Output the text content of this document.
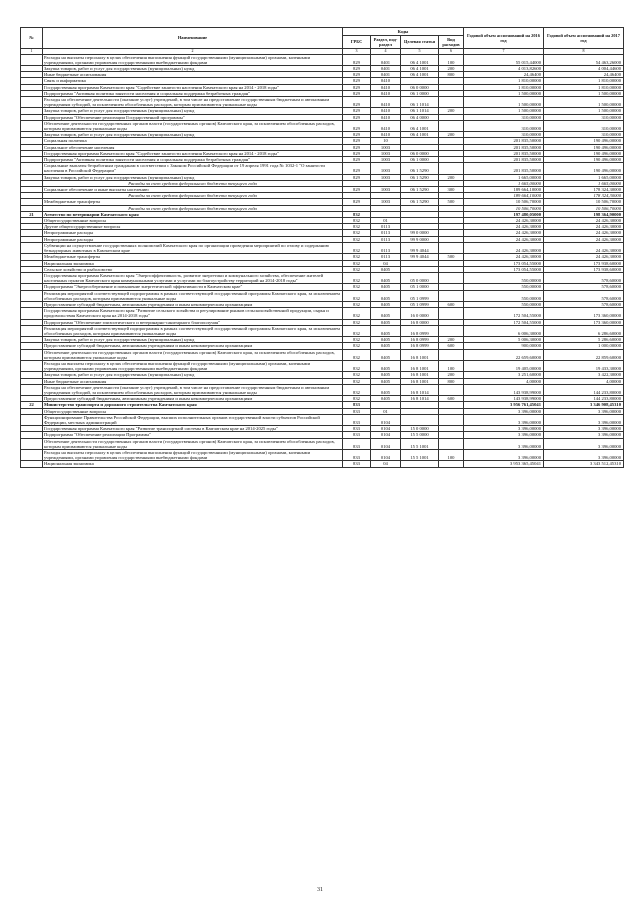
№	Наименование	Коды				Годовой объем ассигнований на 2016 год	Годовой объем ассигнований на 2017 год
		ГРБС	Раздел, под-раздел	Целевая статья	Вид расходов		
1	2	3	4	5	6	7	8
	Расходы на выплаты персоналу в целях обеспечения выполнения функций государственными (муниципальными) органами, казенными учреждениями, органами управления государственными внебюджетными фондами	829	0401	06 4 1001	100	55 015,44000	54 463,26000
	Закупка товаров, работ и услуг для государственных (муниципальных) нужд	829	0401	06 4 1001	200	4 013,82600	4 004,44600
	Иные бюджетные ассигнования	829	0401	06 4 1001	800	24,46400	24,46400
	Связь и информатика	829	0410			1 810,00000	1 810,00000
	Государственная программа Камчатского края "Содействие занятости населения Камчатского края на 2014 - 2018 годы"	829	0410	06 0 0000		1 810,00000	1 810,00000
	Подпрограмма "Активная политика занятости населения и социальная поддержка безработных граждан"	829	0410	06 1 0000		1 500,00000	1 500,00000
	Расходы на обеспечение деятельности (оказание услуг) учреждений, в том числе на предоставление государственным бюджетным и автономным учреждениям субсидий, за исключением обособленных расходов, которым присваиваются уникальные коды	829	0410	06 1 1014		1 500,00000	1 500,00000
	Закупка товаров, работ и услуг для государственных (муниципальных) нужд	829	0410	06 1 1014	200	1 500,00000	1 500,00000
	Подпрограмма "Обеспечение реализации Государственной программы"	829	0410	06 4 0000		310,00000	310,00000
	Обеспечение деятельности государственных органов власти (государственных органов) Камчатского края, за исключением обособленных расходов, которым присваиваются уникальные коды	829	0410	06 4 1001		310,00000	310,00000
	Закупка товаров, работ и услуг для государственных (муниципальных) нужд	829	0410	06 4 1001	200	310,00000	310,00000
	Социальная политика	829	10			201 835,50000	190 496,00000
	Социальное обеспечение населения	829	1003			201 835,50000	190 496,00000
	Государственная программа Камчатского края "Содействие занятости населения Камчатского края на 2014 - 2018 годы"	829	1003	06 0 0000		201 835,50000	190 496,00000
	Подпрограмма "Активная политика занятости населения и социальная поддержка безработных граждан"	829	1003	06 1 0000		201 835,50000	190 496,00000
	Социальные выплаты безработным гражданам в соответствии с Законом Российской Федерации от 19 апреля 1991 года № 1032-1 "О занятости населения в Российской Федерации"	829	1003	06 1 5290		201 835,50000	190 496,00000
	Закупка товаров, работ и услуг для государственных (муниципальных) нужд	829	1003	06 1 5290	200	1 665,00000	1 665,00000
	Расходы за счет средств федерального бюджета текущего года					1 665,00000	1 665,00000
	Социальное обеспечение и иные выплаты населению	829	1003	06 1 5290	300	189 664,10000	178 324,30000
	Расходы за счет средств федерального бюджета текущего года					189 664,10000	178 324,30000
	Межбюджетные трансферты	829	1003	06 1 5290	500	10 506,70000	10 506,70000
	Расходы за счет средств федерального бюджета текущего года					10 506,70000	10 506,70000
21	Агентство по ветеринарии Камчатского края	832				197 480,05000	198 364,90000
	Общегосударственные вопросы	832	01			24 426,30000	24 426,30000
	Другие общегосударственные вопросы	832	0113			24 426,30000	24 426,30000
	Непрограммные расходы	832	0113	99 0 0000		24 426,30000	24 426,30000
	Непрограммные расходы	832	0113	99 9 0000		24 426,30000	24 426,30000
	Субвенции на осуществление государственных полномочий Камчатского края по организации проведения мероприятий по отлову и содержанию безнадзорных животных в Камчатском крае	832	0113	99 9 4044		24 426,30000	24 426,30000
	Межбюджетные трансферты	832	0113	99 9 4044	500	24 426,30000	24 426,30000
	Национальная экономика	832	04			173 054,55000	173 938,60000
	Сельское хозяйство и рыболовство	832	0405			173 054,55000	173 938,60000
	Государственная программа Камчатского края "Энергоэффективность, развитие энергетики и коммунального хозяйства, обеспечение жителей населенных пунктов Камчатского края коммунальными услугами и услугами по благоустройству территорий на 2014-2018 годы"	832	0405	05 0 0000		550,00000	578,60000
	Подпрограмма "Энергосбережение и повышение энергетической эффективности в Камчатском крае"	832	0405	05 1 0000		550,00000	578,60000
	Реализация мероприятий соответствующей подпрограммы в рамках соответствующей государственной программы Камчатского края, за исключением обособленных расходов, которым присваиваются уникальные коды	832	0405	05 1 0999		550,00000	578,60000
	Предоставление субсидий бюджетным, автономным учреждениям и иным некоммерческим организациям	832	0405	05 1 0999	600	550,00000	578,60000
	Государственная программа Камчатского края "Развитие сельского хозяйства и регулирование рынков сельскохозяйственной продукции, сырья и продовольствия Камчатского края на 2014-2018 годы"	832	0405	16 0 0000		172 504,55000	173 360,00000
	Подпрограмма "Обеспечение эпизоотического и ветеринарно-санитарного благополучия"	832	0405	16 8 0000		172 504,55000	173 360,00000
	Реализация мероприятий соответствующей подпрограммы в рамках соответствующей государственной программы Камчатского края, за исключением обособленных расходов, которым присваиваются уникальные коды	832	0405	16 8 0999		6 006,30000	6 286,60000
	Закупка товаров, работ и услуг для государственных (муниципальных) нужд	832	0405	16 8 0999	200	5 006,30000	5 286,60000
	Предоставление субсидий бюджетным, автономным учреждениям и иным некоммерческим организациям	832	0405	16 8 0999	600	900,00000	1 000,00000
	Обеспечение деятельности государственных органов власти (государственных органов) Камчатского края, за исключением обособленных расходов, которым присваиваются уникальные коды	832	0405	16 8 1001		22 659,60000	22 859,60000
	Расходы на выплаты персоналу в целях обеспечения выполнения функций государственными (муниципальными) органами, казенными учреждениями, органами управления государственными внебюджетными фондами	832	0405	16 8 1001	100	19 405,00000	19 433,30000
	Закупка товаров, работ и услуг для государственных (муниципальных) нужд	832	0405	16 8 1001	200	3 251,60000	3 422,30000
	Иные бюджетные ассигнования	832	0405	16 8 1001	800	4,00000	4,00000
	Расходы на обеспечение деятельности (оказание услуг) учреждений, в том числе на предоставление государственным бюджетным и автономным учреждениям субсидий, за исключением обособленных расходов, которым присваиваются уникальные коды	832	0405	16 8 1014		143 938,99000	144 233,80000
	Предоставление субсидий бюджетным, автономным учреждениям и иным некоммерческим организациям	832	0405	16 8 1014	600	143 938,99000	144 233,80000
22	Министерство транспорта и дорожного строительства Камчатского края	833				3 956 761,45041	3 346 908,45310
	Общегосударственные вопросы	833	01			3 396,00000	3 396,00000
	Функционирование Правительства Российской Федерации, высших исполнительных органов государственной власти субъектов Российской Федерации, местных администраций	833	0104			3 396,00000	3 396,00000
	Государственная программа Камчатского края "Развитие транспортной системы в Камчатском крае на 2014-2025 годы"	833	0104	15 0 0000		3 396,00000	3 396,00000
	Подпрограмма "Обеспечение реализации Программы"	833	0104	15 5 0000		3 396,00000	3 396,00000
	Обеспечение деятельности государственных органов власти (государственных органов) Камчатского края, за исключением обособленных расходов, которым присваиваются уникальные коды	833	0104	15 5 1001		3 396,00000	3 396,00000
	Расходы на выплаты персоналу в целях обеспечения выполнения функций государственными (муниципальными) органами, казенными учреждениями, органами управления государственными внебюджетными фондами	833	0104	15 5 1001	100	3 396,00000	3 396,00000
	Национальная экономика	833	04			3 953 365,45041	3 343 512,45310
31
